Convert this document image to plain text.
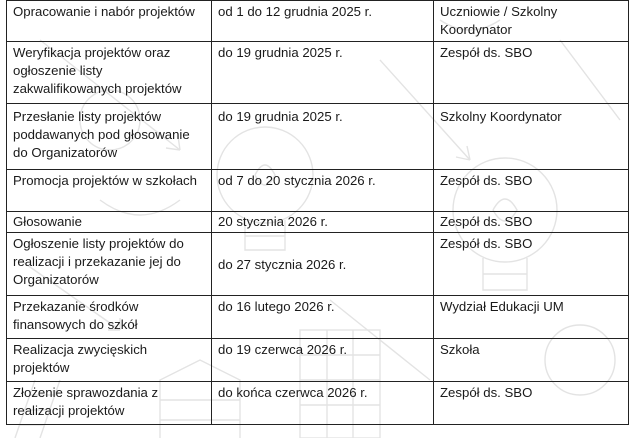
Opracowanie i nabór projektów	od 1 do 12 grudnia 2025 r.	Uczniowie / Szkolny Koordynator

Weryfikacja projektów oraz ogłoszenie listy zakwalifikowanych projektów	do 19 grudnia 2025 r.	Zespół ds. SBO

Przesłanie listy projektów poddawanych pod głosowanie do Organizatorów	do 19 grudnia 2025 r.	Szkolny Koordynator

Promocja projektów w szkołach	od 7 do 20 stycznia 2026 r.	Zespół ds. SBO

Głosowanie	20 stycznia 2026 r.	Zespół ds. SBO

Ogłoszenie listy projektów do realizacji i przekazanie jej do Organizatorów	do 27 stycznia 2026 r.	Zespół ds. SBO

Przekazanie środków finansowych do szkół	do 16 lutego 2026 r.	Wydział Edukacji UM

Realizacja zwycięskich projektów	do 19 czerwca 2026 r.	Szkoła

Złożenie sprawozdania z realizacji projektów	do końca czerwca 2026 r.	Zespół ds. SBO
